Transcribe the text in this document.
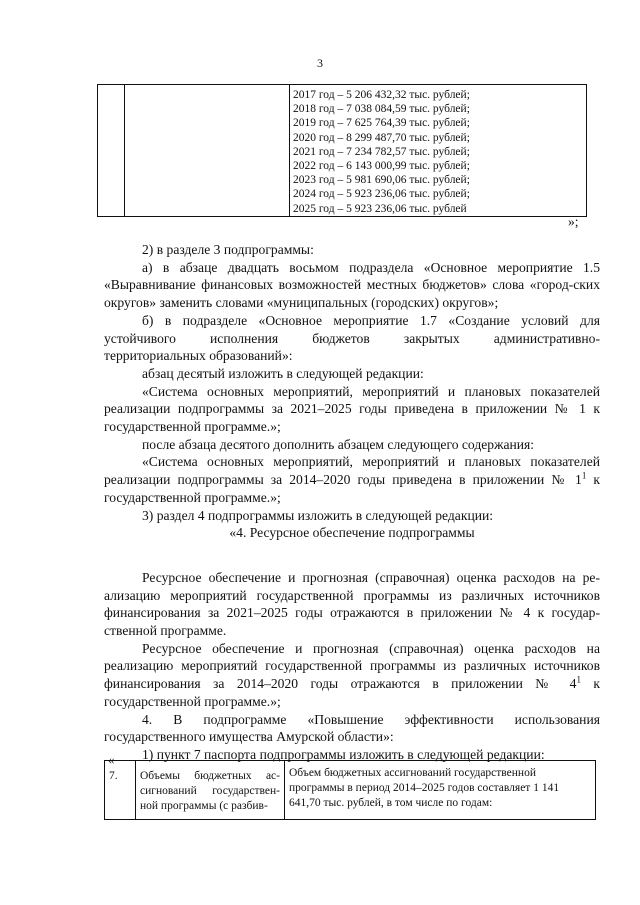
3

2017 год – 5 206 432,32 тыс. рублей;
2018 год – 7 038 084,59 тыс. рублей;
2019 год – 7 625 764,39 тыс. рублей;
2020 год – 8 299 487,70 тыс. рублей;
2021 год – 7 234 782,57 тыс. рублей;
2022 год – 6 143 000,99 тыс. рублей;
2023 год – 5 981 690,06 тыс. рублей;
2024 год – 5 923 236,06 тыс. рублей;
2025 год – 5 923 236,06 тыс. рублей
»;

2) в разделе 3 подпрограммы:

а) в абзаце двадцать восьмом подраздела «Основное мероприятие 1.5 «Выравнивание финансовых возможностей местных бюджетов» слова «город-ских округов» заменить словами «муниципальных (городских) округов»;

б) в подразделе «Основное мероприятие 1.7 «Создание условий для устойчивого исполнения бюджетов закрытых административно-

территориальных образований»:

абзац десятый изложить в следующей редакции:

«Система основных мероприятий, мероприятий и плановых показателей реализации подпрограммы за 2021–2025 годы приведена в приложении № 1 к государственной программе.»;

после абзаца десятого дополнить абзацем следующего содержания:

«Система основных мероприятий, мероприятий и плановых показателей реализации подпрограммы за 2014–2020 годы приведена в приложении № $1^1$ к государственной программе.»;

3) раздел 4 подпрограммы изложить в следующей редакции:

«4. Ресурсное обеспечение подпрограммы

Ресурсное обеспечение и прогнозная (справочная) оценка расходов на ре-ализацию мероприятий государственной программы из различных источников финансирования за 2021–2025 годы отражаются в приложении № 4 к государ-ственной программе.

Ресурсное обеспечение и прогнозная (справочная) оценка расходов на реализацию мероприятий государственной программы из различных источников финансирования за 2014–2020 годы отражаются в приложении № $4^1$ к государственной программе.»;

4. В подпрограмме «Повышение эффективности использования государственного имущества Амурской области»:

1) пункт 7 паспорта подпрограммы изложить в следующей редакции:

«
7.	Объемы бюджетных ас-сигнований государствен-ной программы (с разбив-	Объем бюджетных ассигнований государственной программы в период 2014–2025 годов составляет 1 141 641,70 тыс. рублей, в том числе по годам:
